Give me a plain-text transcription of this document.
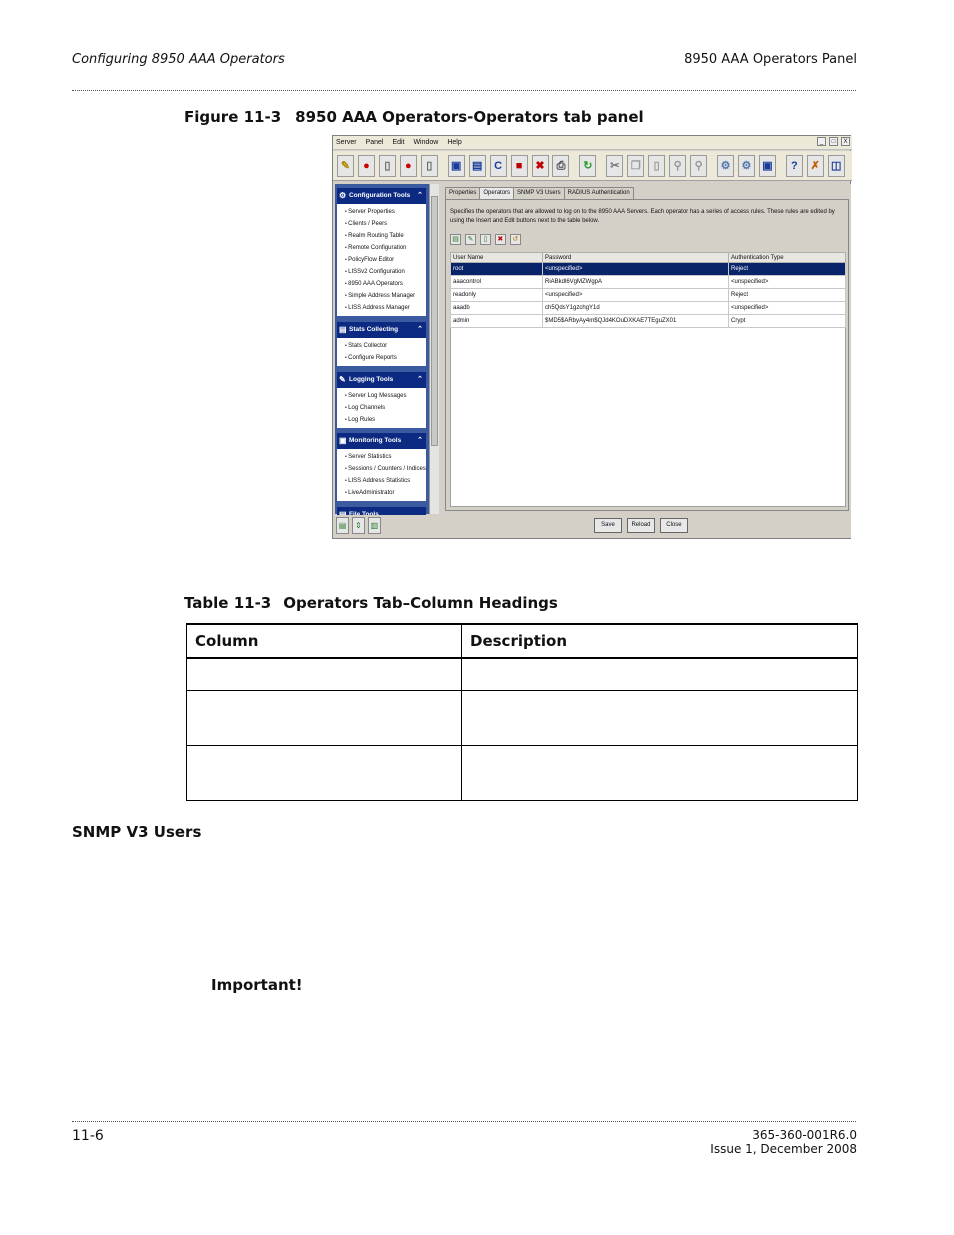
Configuring 8950 AAA Operators	8950 AAA Operators Panel
Figure 11-3 8950 AAA Operators-Operators tab panel
Server Panel Edit Window Help	_ □ X
✎ ● ▯ ● ▯ ▣ ▤ C ■ ✖ ⎙ ↻ ✂ ❐ ▯ ⚲ ⚲ ⚙ ⚙ ▣ ? ✗ ◫
⚙ Configuration Tools ⌃
• Server Properties
• Clients / Peers
• Realm Routing Table
• Remote Configuration
• PolicyFlow Editor
• LISSv2 Configuration
• 8950 AAA Operators
• Simple Address Manager
• LISS Address Manager
▤ Stats Collecting	⌃
• Stats Collector
• Configure Reports
✎ Logging Tools	⌃
• Server Log Messages
• Log Channels
• Log Rules
▣ Monitoring Tools ⌃
• Server Statistics
• Sessions / Counters / Indices
• LISS Address Statistics
• LiveAdministrator
▤ ⇕ ▥
Properties	Operators	SNMP V3 Users	RADIUS Authentication
Specifies the operators that are allowed to log on to the 8950 AAA Servers. Each operator has a series of access rules. These rules are edited by using the Insert and Edit buttons next to the table below.
▤ ✎ ▯ ✖ ↺
User Name	Password	Authentication Type
root	<unspecified>	Reject
aaacontrol	RiABkdl6VgMZWgpA	<unspecified>
readonly	<unspecified>	Reject
aaadb	ch5QdsY1gzchgY1d	<unspecified>
admin	$MD5$ARbyAy4m$QJd4KOuDXKAE7TEguZX01	Crypt
Save	Reload	Close
Table 11-3 Operators Tab–Column Headings
Column	Description

SNMP V3 Users
Important!
11-6	365-360-001R6.0
Issue 1, December 2008
